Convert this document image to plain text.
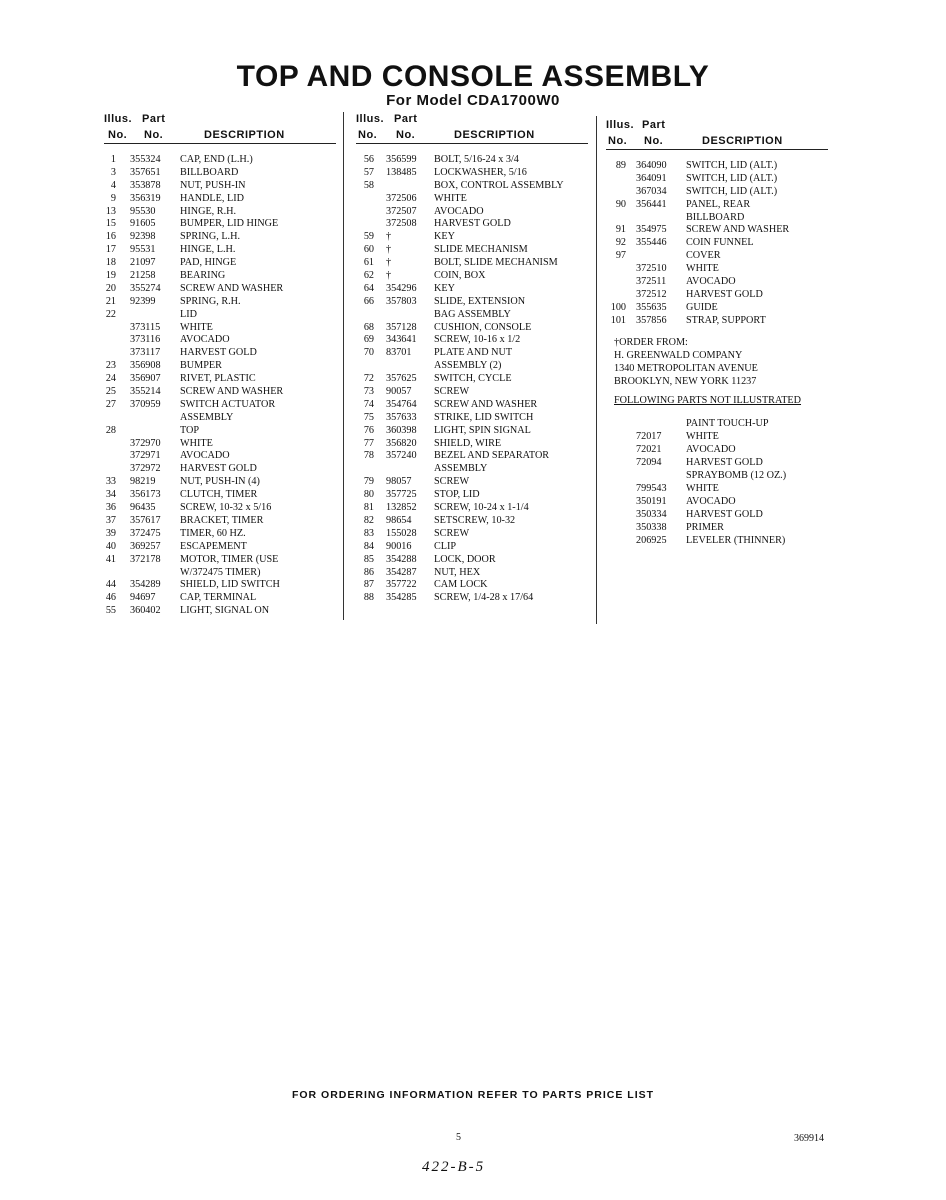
TOP AND CONSOLE ASSEMBLY
For Model CDA1700W0
Illus. Part
No. No.	DESCRIPTION
1 355324 CAP, END (L.H.)
3 357651 BILLBOARD
4 353878 NUT, PUSH-IN
9 356319 HANDLE, LID
13 95530 HINGE, R.H.
15 91605 BUMPER, LID HINGE
16 92398 SPRING, L.H.
17 95531 HINGE, L.H.
18 21097 PAD, HINGE
19 21258 BEARING
20 355274 SCREW AND WASHER
21 92399 SPRING, R.H.
22	LID
373115 WHITE
373116 AVOCADO
373117 HARVEST GOLD
23 356908 BUMPER
24 356907 RIVET, PLASTIC
25 355214 SCREW AND WASHER
27 370959 SWITCH ACTUATOR
ASSEMBLY
28	TOP
372970 WHITE
372971 AVOCADO
372972 HARVEST GOLD
33 98219 NUT, PUSH-IN (4)
34 356173 CLUTCH, TIMER
36 96435 SCREW, 10-32 x 5/16
37 357617 BRACKET, TIMER
39 372475 TIMER, 60 HZ.
40 369257 ESCAPEMENT
41 372178 MOTOR, TIMER (USE
W/372475 TIMER)
44 354289 SHIELD, LID SWITCH
46 94697 CAP, TERMINAL
55 360402 LIGHT, SIGNAL ON
Illus. Part
No. No.	DESCRIPTION
56 356599 BOLT, 5/16-24 x 3/4
57 138485 LOCKWASHER, 5/16
58	BOX, CONTROL ASSEMBLY
372506 WHITE
372507 AVOCADO
372508 HARVEST GOLD
59 †	KEY
60 †	SLIDE MECHANISM
61 †	BOLT, SLIDE MECHANISM
62 †	COIN, BOX
64 354296 KEY
66 357803 SLIDE, EXTENSION
BAG ASSEMBLY
68 357128 CUSHION, CONSOLE
69 343641 SCREW, 10-16 x 1/2
70 83701 PLATE AND NUT
ASSEMBLY (2)
72 357625 SWITCH, CYCLE
73 90057 SCREW
74 354764 SCREW AND WASHER
75 357633 STRIKE, LID SWITCH
76 360398 LIGHT, SPIN SIGNAL
77 356820 SHIELD, WIRE
78 357240 BEZEL AND SEPARATOR
ASSEMBLY
79 98057 SCREW
80 357725 STOP, LID
81 132852 SCREW, 10-24 x 1-1/4
82 98654 SETSCREW, 10-32
83 155028 SCREW
84 90016 CLIP
85 354288 LOCK, DOOR
86 354287 NUT, HEX
87 357722 CAM LOCK
88 354285 SCREW, 1/4-28 x 17/64
Illus. Part
No. No.	DESCRIPTION
89 364090 SWITCH, LID (ALT.)
364091 SWITCH, LID (ALT.)
367034 SWITCH, LID (ALT.)
90 356441 PANEL, REAR
BILLBOARD
91 354975 SCREW AND WASHER
92 355446 COIN FUNNEL
97	COVER
372510 WHITE
372511 AVOCADO
372512 HARVEST GOLD
100 355635 GUIDE
101 357856 STRAP, SUPPORT
†ORDER FROM:
H. GREENWALD COMPANY
1340 METROPOLITAN AVENUE
BROOKLYN, NEW YORK 11237
FOLLOWING PARTS NOT ILLUSTRATED
PAINT TOUCH-UP
72017 WHITE
72021 AVOCADO
72094 HARVEST GOLD
SPRAYBOMB (12 OZ.)
799543 WHITE
350191 AVOCADO
350334 HARVEST GOLD
350338 PRIMER
206925 LEVELER (THINNER)
FOR ORDERING INFORMATION REFER TO PARTS PRICE LIST
5	369914
422-B-5
